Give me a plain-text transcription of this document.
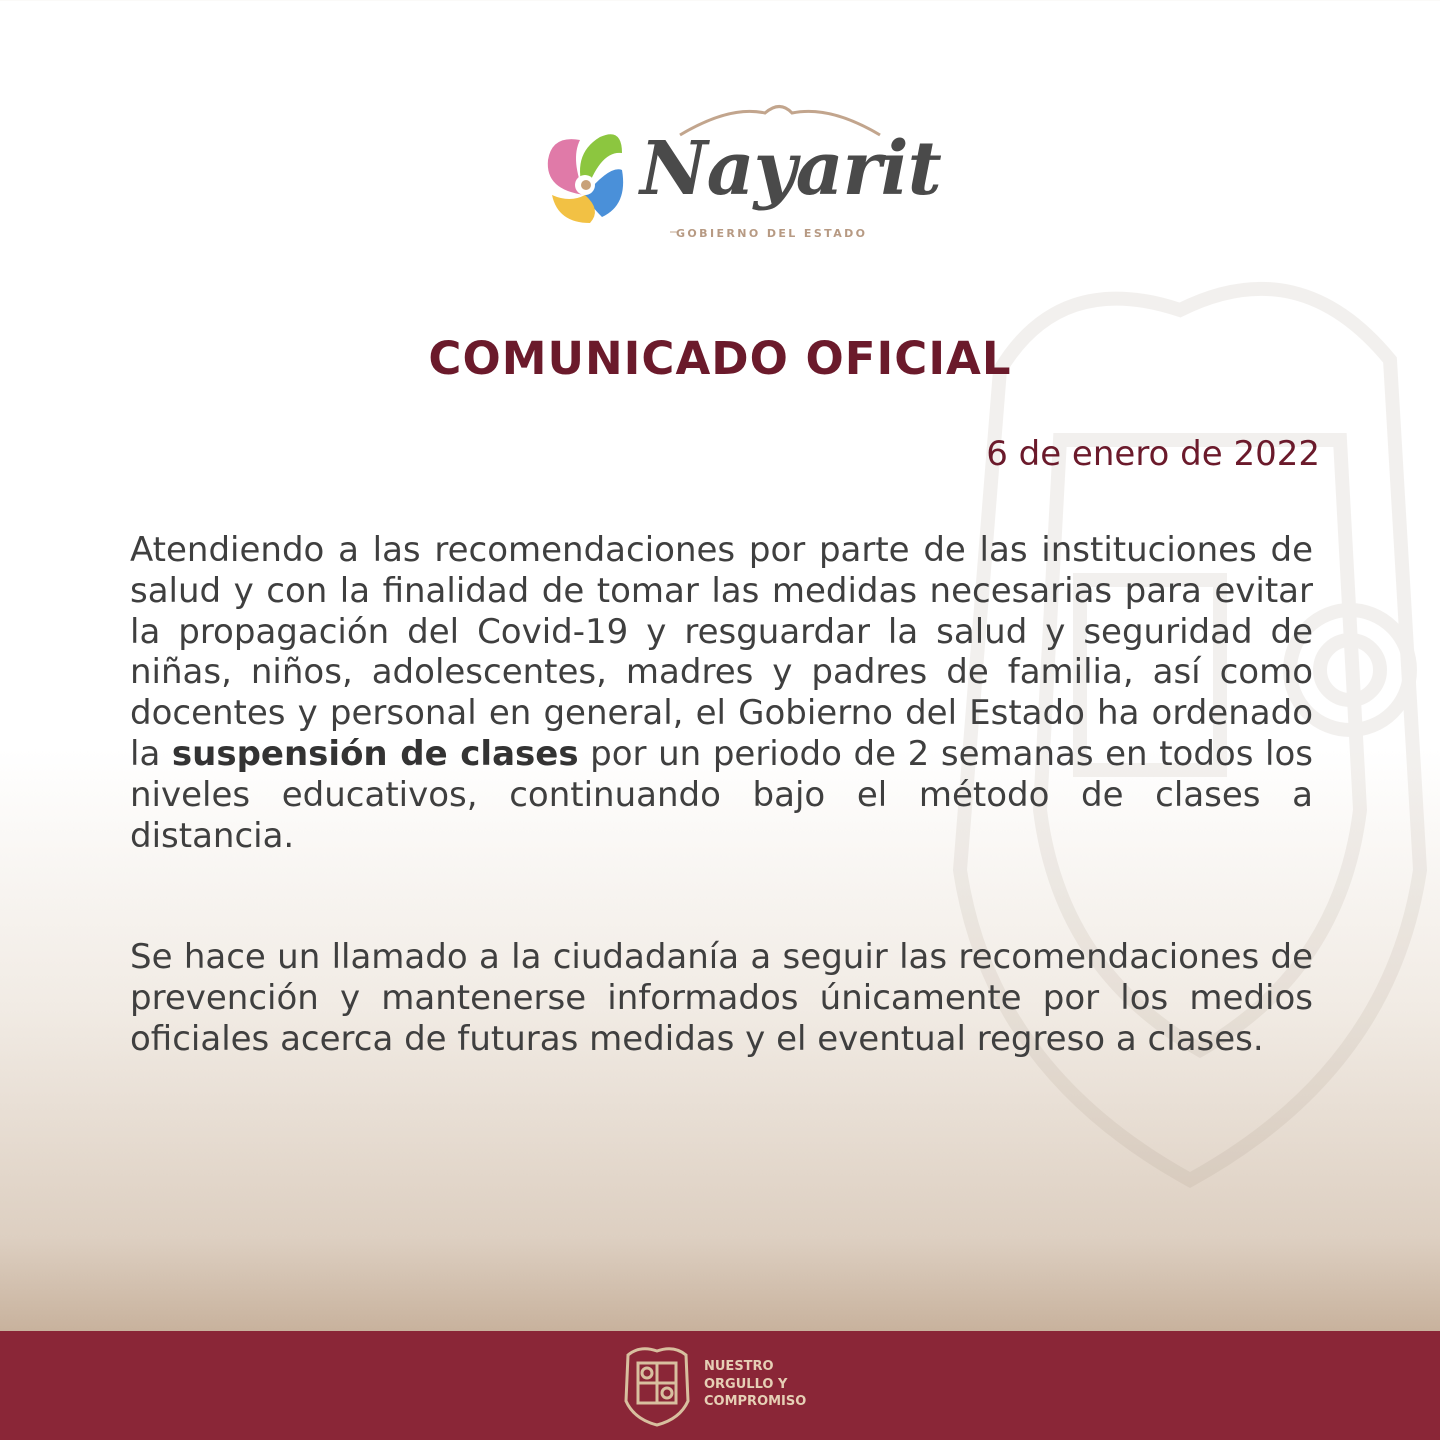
Nayarit
GOBIERNO DEL ESTADO
COMUNICADO OFICIAL
6 de enero de 2022

Atendiendo a las recomendaciones por parte de las instituciones de salud y con la finalidad de tomar las medidas necesarias para evitar la propagación del Covid-19 y resguardar la salud y seguridad de niñas, niños, adolescentes, madres y padres de familia, así como docentes y personal en general, el Gobierno del Estado ha ordenado la suspensión de clases por un periodo de 2 semanas en todos los niveles educativos, continuando bajo el método de clases a distancia.

Se hace un llamado a la ciudadanía a seguir las recomendaciones de prevención y mantenerse informados únicamente por los medios oficiales acerca de futuras medidas y el eventual regreso a clases.

NUESTRO
ORGULLO Y
COMPROMISO
